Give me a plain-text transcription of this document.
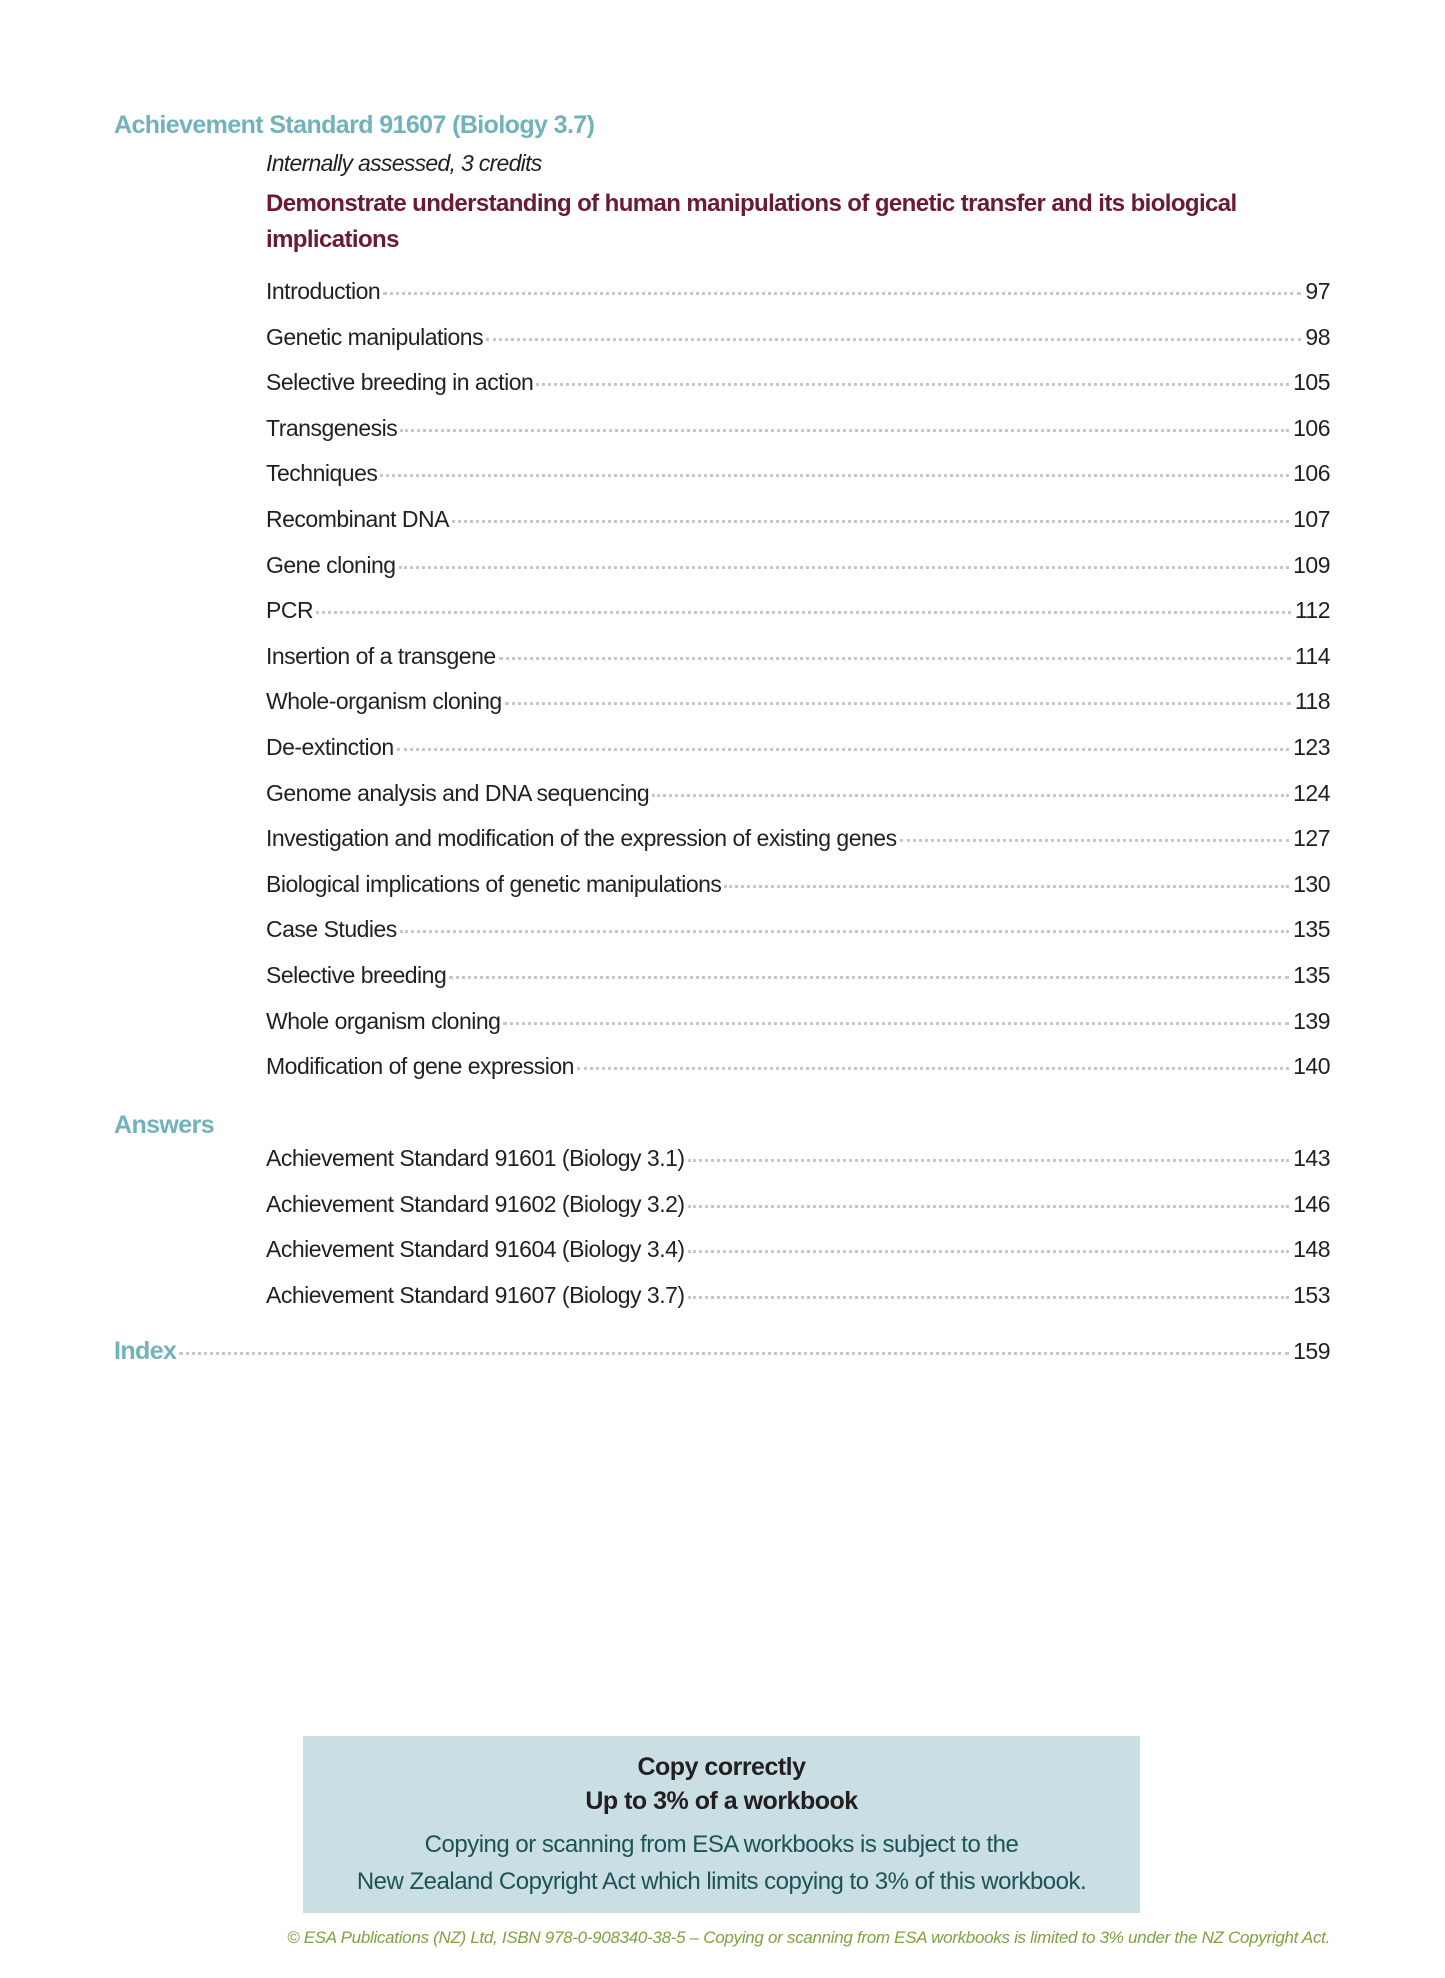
Achievement Standard 91607 (Biology 3.7)
Internally assessed, 3 credits
Demonstrate understanding of human manipulations of genetic transfer and its biological implications
Introduction	97
Genetic manipulations	98
Selective breeding in action	105
Transgenesis	106
Techniques	106
Recombinant DNA	107
Gene cloning	109
PCR	112
Insertion of a transgene	114
Whole-organism cloning	118
De-extinction	123
Genome analysis and DNA sequencing	124
Investigation and modification of the expression of existing genes	127
Biological implications of genetic manipulations	130
Case Studies	135
Selective breeding	135
Whole organism cloning	139
Modification of gene expression	140
Answers
Achievement Standard 91601 (Biology 3.1)	143
Achievement Standard 91602 (Biology 3.2)	146
Achievement Standard 91604 (Biology 3.4)	148
Achievement Standard 91607 (Biology 3.7)	153
Index	159
Copy correctly
Up to 3% of a workbook
Copying or scanning from ESA workbooks is subject to the
New Zealand Copyright Act which limits copying to 3% of this workbook.
© ESA Publications (NZ) Ltd, ISBN 978-0-908340-38-5 – Copying or scanning from ESA workbooks is limited to 3% under the NZ Copyright Act.
